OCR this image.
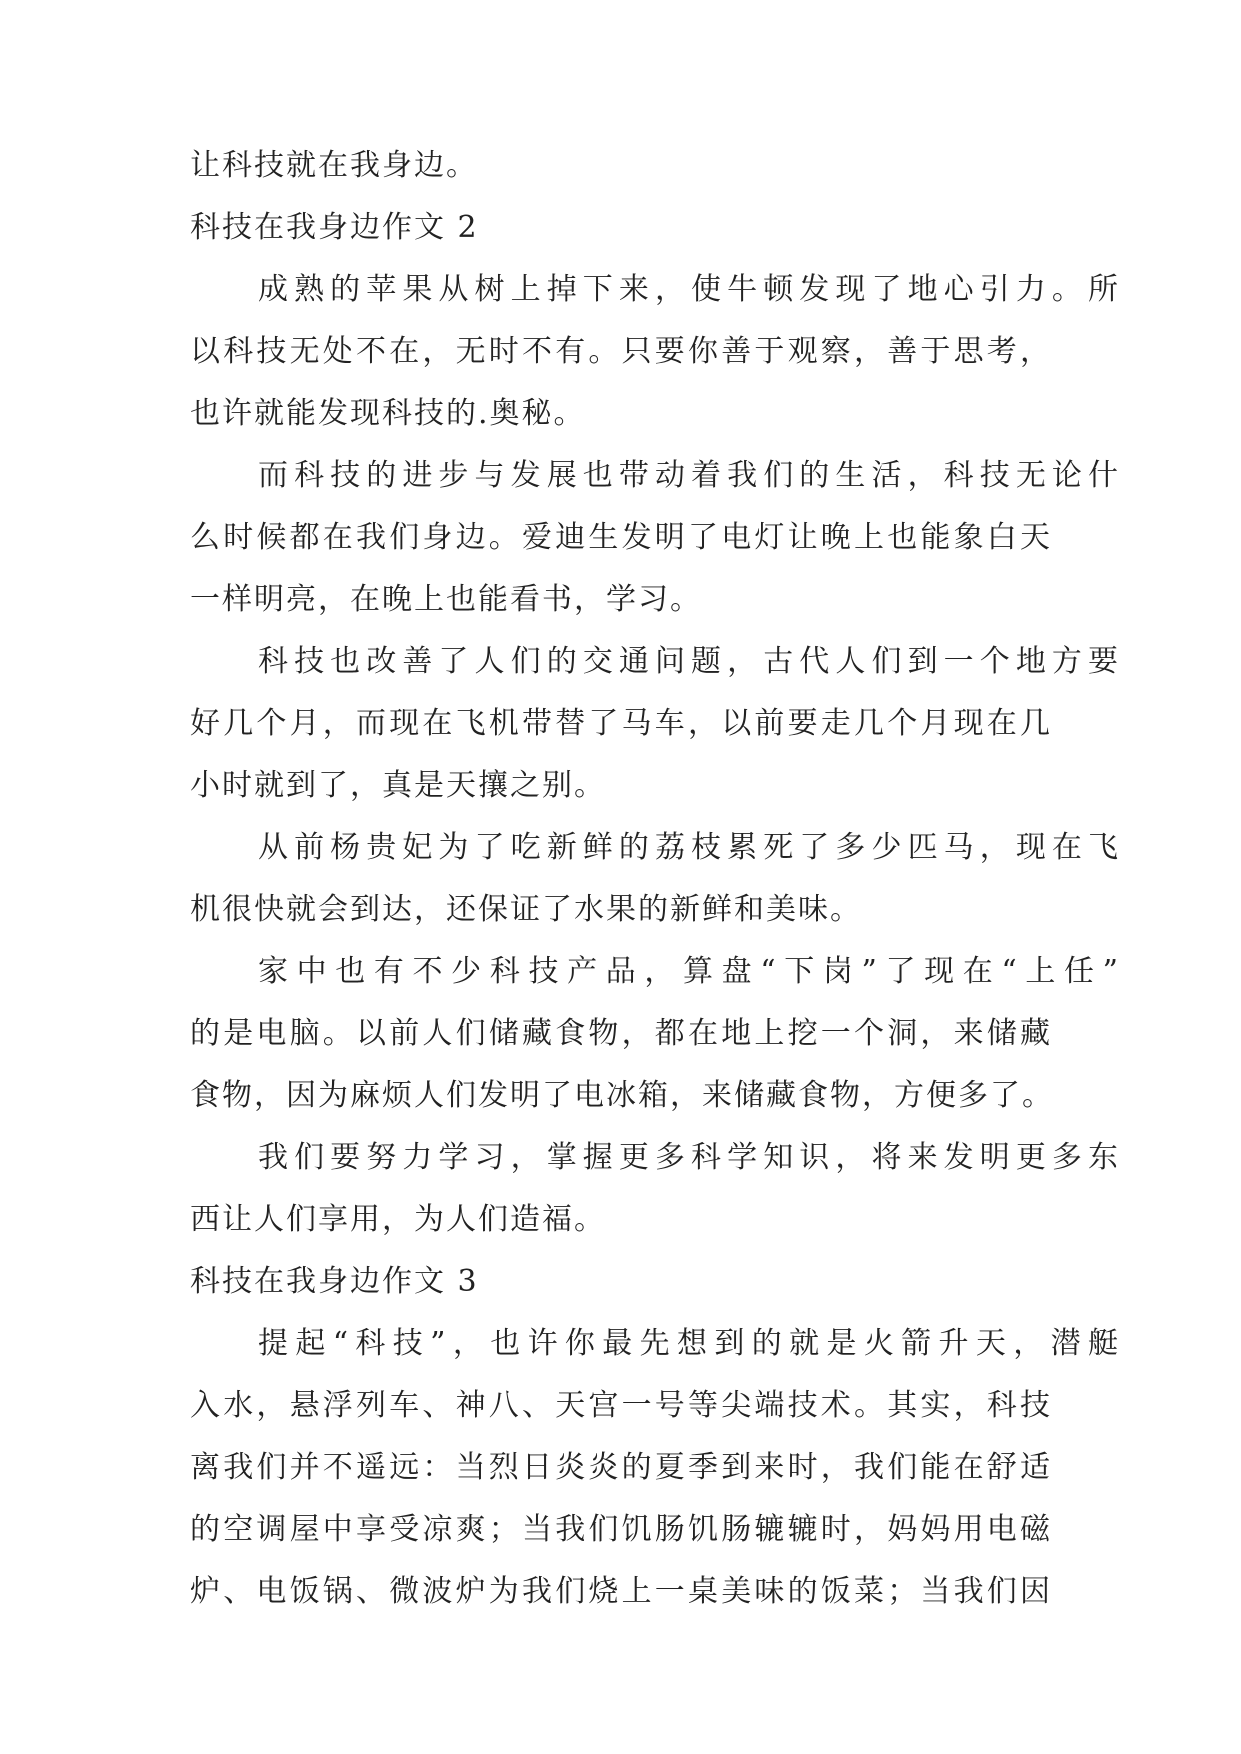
让科技就在我身边。
科技在我身边作文 2
成熟的苹果从树上掉下来，使牛顿发现了地心引力。所
以科技无处不在，无时不有。只要你善于观察，善于思考，
也许就能发现科技的.奥秘。
而科技的进步与发展也带动着我们的生活，科技无论什
么时候都在我们身边。爱迪生发明了电灯让晚上也能象白天
一样明亮，在晚上也能看书，学习。
科技也改善了人们的交通问题，古代人们到一个地方要
好几个月，而现在飞机带替了马车，以前要走几个月现在几
小时就到了，真是天攘之别。
从前杨贵妃为了吃新鲜的荔枝累死了多少匹马，现在飞
机很快就会到达，还保证了水果的新鲜和美味。
家中也有不少科技产品，算盘“下岗”了现在“上任”
的是电脑。以前人们储藏食物，都在地上挖一个洞，来储藏
食物，因为麻烦人们发明了电冰箱，来储藏食物，方便多了。
我们要努力学习，掌握更多科学知识，将来发明更多东
西让人们享用，为人们造福。
科技在我身边作文 3
提起“科技”，也许你最先想到的就是火箭升天，潜艇
入水，悬浮列车、神八、天宫一号等尖端技术。其实，科技
离我们并不遥远：当烈日炎炎的夏季到来时，我们能在舒适
的空调屋中享受凉爽；当我们饥肠饥肠辘辘时，妈妈用电磁
炉、电饭锅、微波炉为我们烧上一桌美味的饭菜；当我们因
